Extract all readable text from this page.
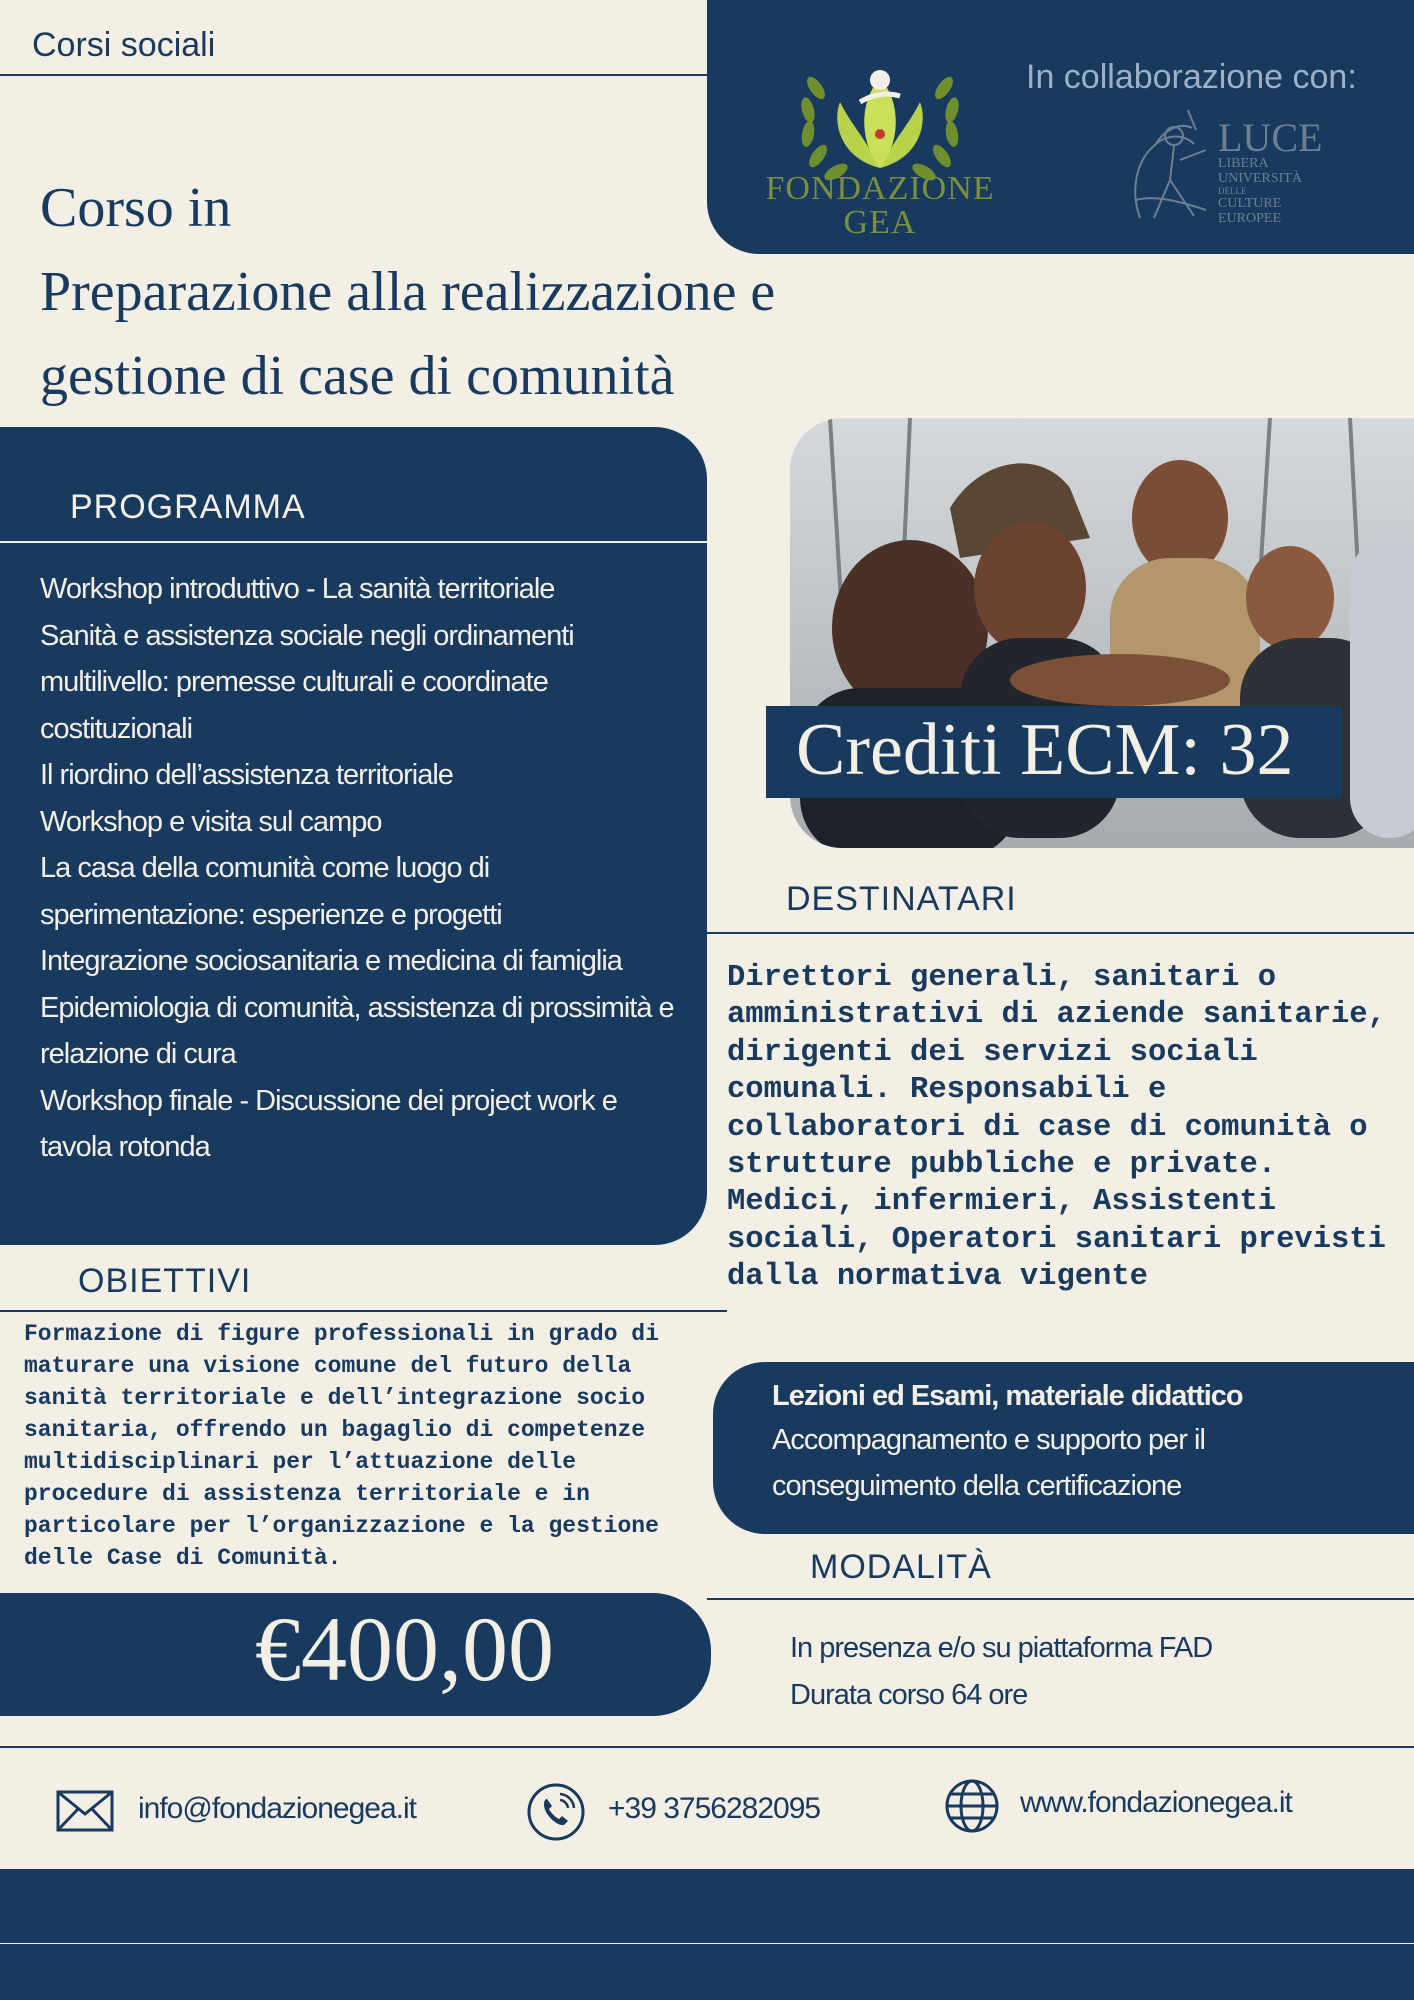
Corsi sociali
FONDAZIONE
GEA
In collaborazione con:
LUCE
LIBERA
UNIVERSITÀ
DELLE
CULTURE
EUROPEE
Corso in
Preparazione alla realizzazione e
gestione di case di comunità
PROGRAMMA
Workshop introduttivo - La sanità territoriale
Sanità e assistenza sociale negli ordinamenti multilivello: premesse culturali e coordinate costituzionali
Il riordino dell’assistenza territoriale
Workshop e visita sul campo
La casa della comunità come luogo di sperimentazione: esperienze e progetti
Integrazione sociosanitaria e medicina di famiglia
Epidemiologia di comunità, assistenza di prossimità e relazione di cura
Workshop finale - Discussione dei project work e tavola rotonda
Crediti ECM: 32
DESTINATARI
Direttori generali, sanitari o amministrativi di aziende sanitarie, dirigenti dei servizi sociali comunali. Responsabili e collaboratori di case di comunità o strutture pubbliche e private. Medici, infermieri, Assistenti sociali, Operatori sanitari previsti dalla normativa vigente
OBIETTIVI
Formazione di figure professionali in grado di maturare una visione comune del futuro della sanità territoriale e dell’integrazione socio sanitaria, offrendo un bagaglio di competenze multidisciplinari per l’attuazione delle procedure di assistenza territoriale e in particolare per l’organizzazione e la gestione delle Case di Comunità.
Lezioni ed Esami, materiale didattico
Accompagnamento e supporto per il
conseguimento della certificazione
MODALITÀ
In presenza e/o su piattaforma FAD
Durata corso 64 ore
€400,00
info@fondazionegea.it	+39 3756282095	www.fondazionegea.it
